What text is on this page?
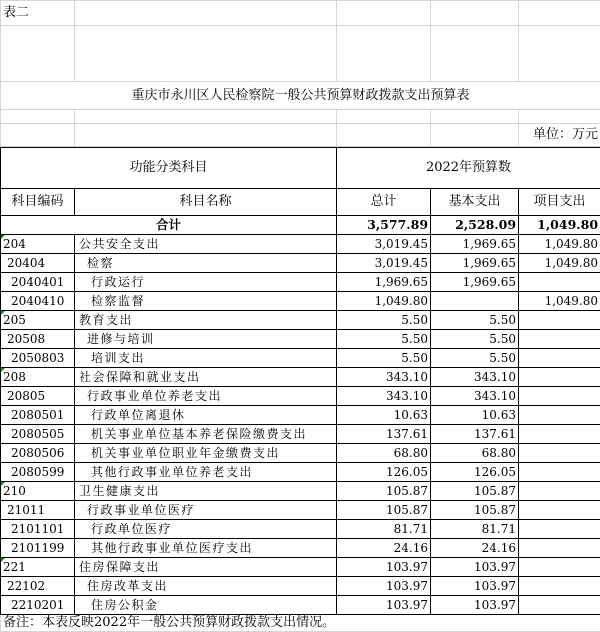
表二				

重庆市永川区人民检察院一般公共预算财政拨款支出预算表				

				单位：万元
功能分类科目		2022年预算数		
科目编码	科目名称	总计	基本支出	项目支出
合计		3,577.89	2,528.09	1,049.80
204	公共安全支出	3,019.45	1,969.65	1,049.80
20404	检察	3,019.45	1,969.65	1,049.80
2040401	行政运行	1,969.65	1,969.65	
2040410	检察监督	1,049.80		1,049.80
205	教育支出	5.50	5.50	
20508	进修与培训	5.50	5.50	
2050803	培训支出	5.50	5.50	
208	社会保障和就业支出	343.10	343.10	
20805	行政事业单位养老支出	343.10	343.10	
2080501	行政单位离退休	10.63	10.63	
2080505	机关事业单位基本养老保险缴费支出	137.61	137.61	
2080506	机关事业单位职业年金缴费支出	68.80	68.80	
2080599	其他行政事业单位养老支出	126.05	126.05	
210	卫生健康支出	105.87	105.87	
21011	行政事业单位医疗	105.87	105.87	
2101101	行政单位医疗	81.71	81.71	
2101199	其他行政事业单位医疗支出	24.16	24.16	
221	住房保障支出	103.97	103.97	
22102	住房改革支出	103.97	103.97	
2210201	住房公积金	103.97	103.97	
备注：本表反映2022年一般公共预算财政拨款支出情况。
